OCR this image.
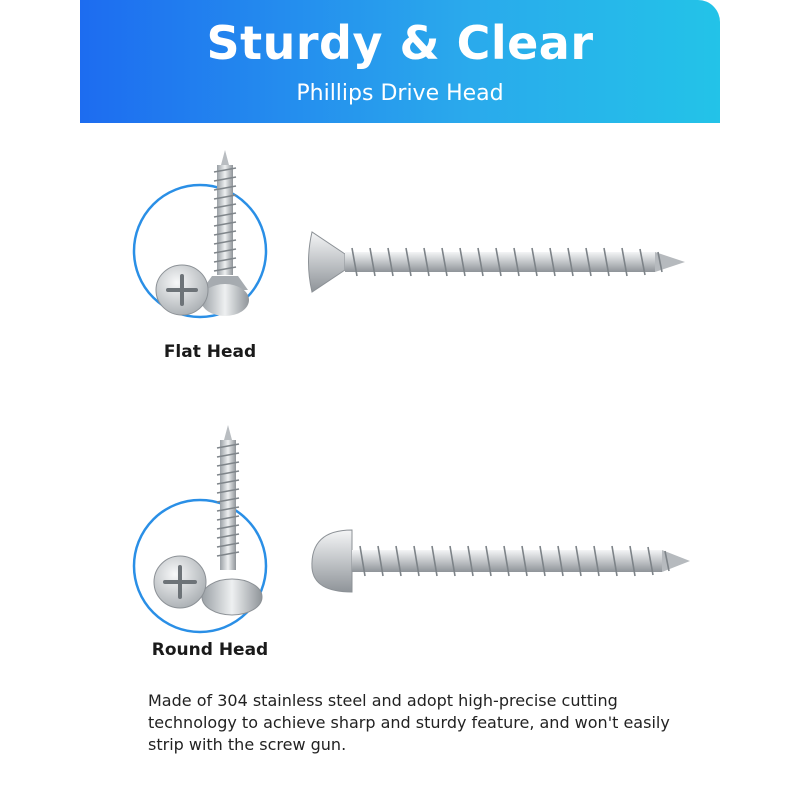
Sturdy & Clear
Phillips Drive Head
Flat Head
Round Head
Made of 304 stainless steel and adopt high-precise cutting technology to achieve sharp and sturdy feature, and won't easily strip with the screw gun.
